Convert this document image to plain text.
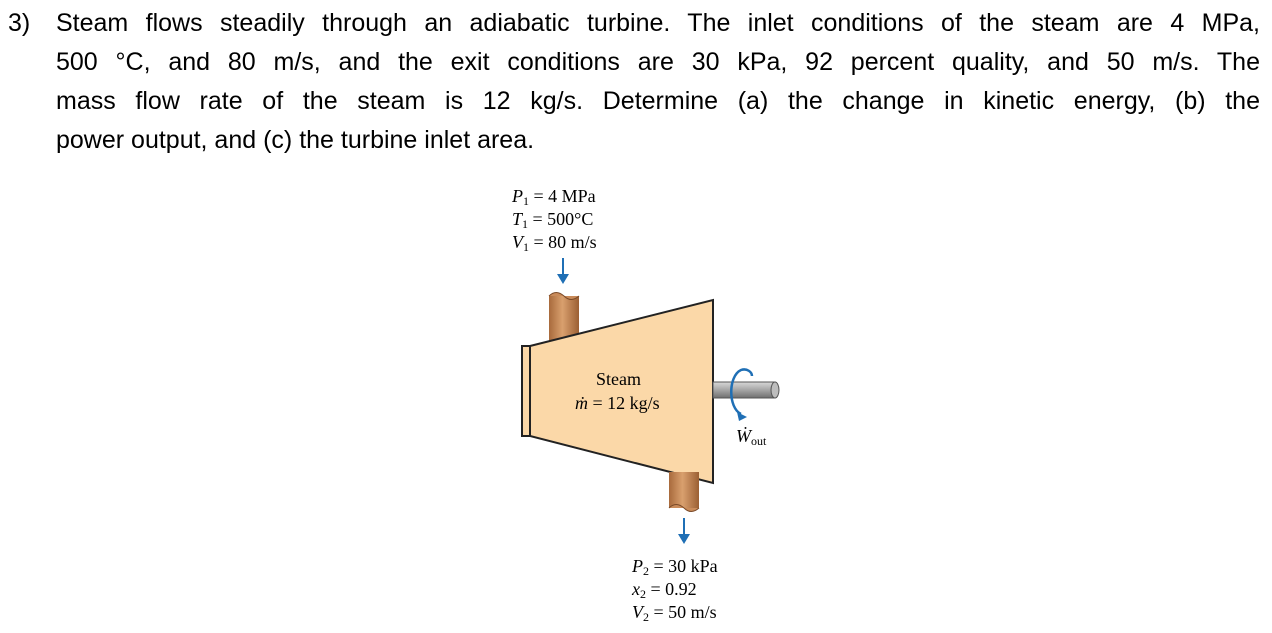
3) Steam flows steadily through an adiabatic turbine. The inlet conditions of the steam are 4 MPa,
500 °C, and 80 m/s, and the exit conditions are 30 kPa, 92 percent quality, and 50 m/s. The
mass flow rate of the steam is 12 kg/s. Determine (a) the change in kinetic energy, (b) the
power output, and (c) the turbine inlet area.
$P_1 = 4$ MPa
$T_1 = 500^\circ C$
$V_1 = 80$ m/s
Steam
ṁ = 12 kg/s
$Ẇ_{out}$
$P_2 = 30$ kPa
$x_2 = 0.92$
$V_2 = 50$ m/s
